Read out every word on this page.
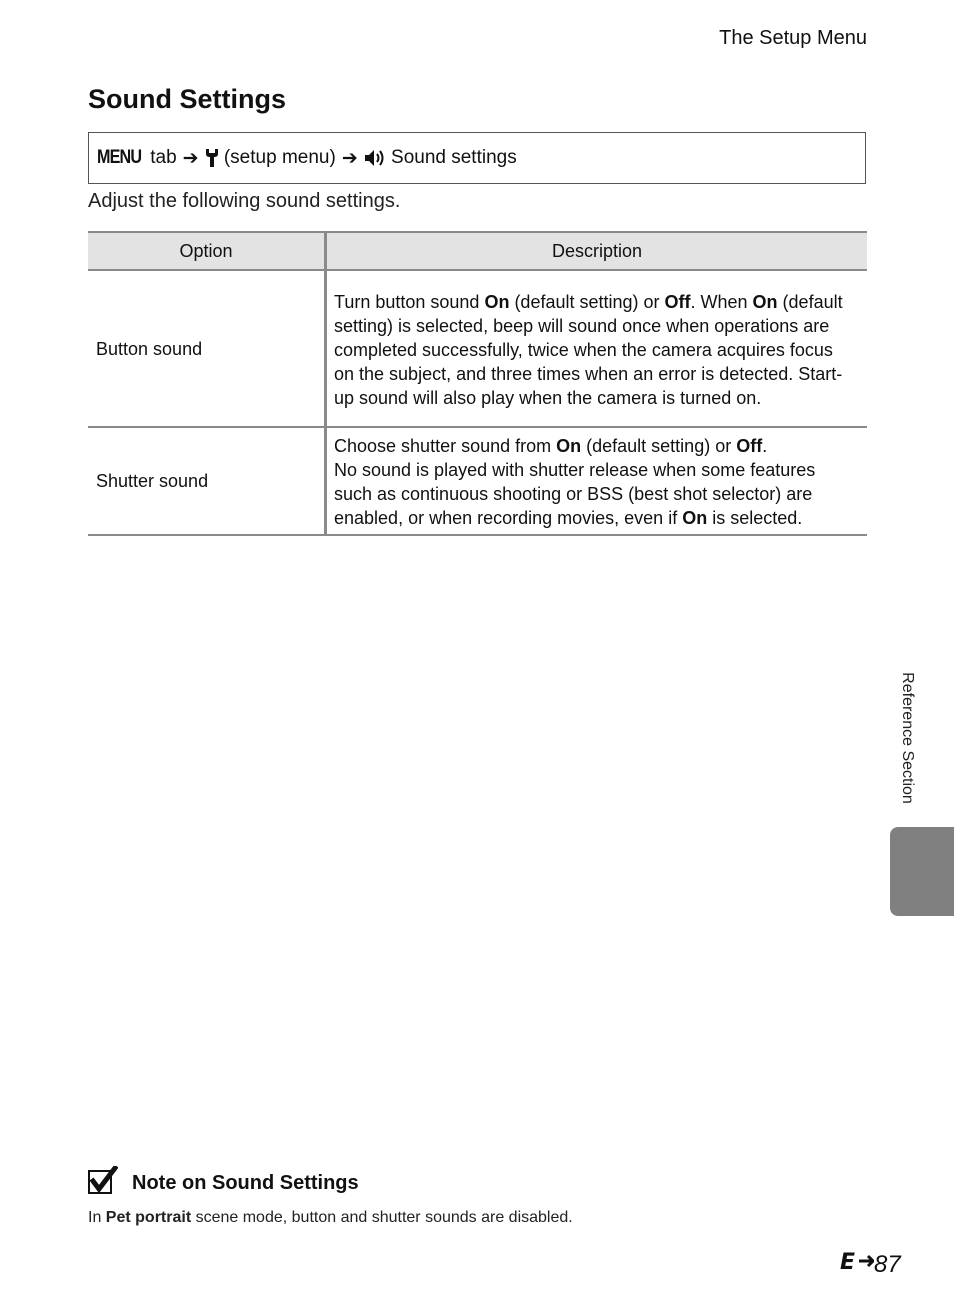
The Setup Menu
Sound Settings
MENU
tab ➔
(setup menu) ➔
Sound settings
Adjust the following sound settings.
Option	Description
Button sound	Turn button sound On (default setting) or Off. When On (default setting) is selected, beep will sound once when operations are completed successfully, twice when the camera acquires focus on the subject, and three times when an error is detected. Start-up sound will also play when the camera is turned on.
Shutter sound	Choose shutter sound from On (default setting) or Off.
No sound is played with shutter release when some features such as continuous shooting or BSS (best shot selector) are enabled, or when recording movies, even if On is selected.
Reference Section
Note on Sound Settings
In Pet portrait scene mode, button and shutter sounds are disabled.
E 87
